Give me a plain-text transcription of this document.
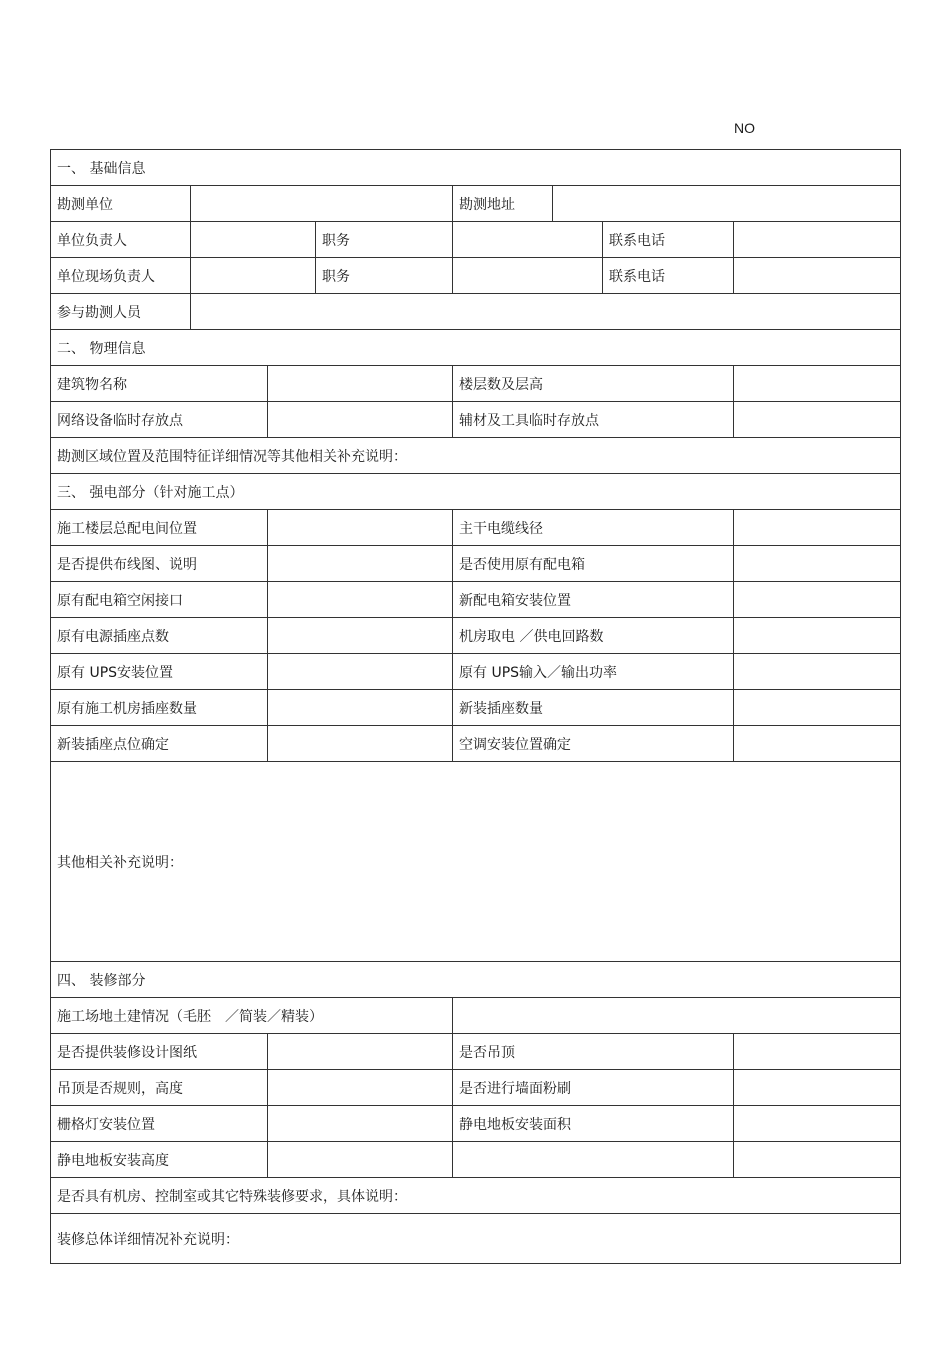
NO
一、 基础信息							
勘测单位				勘测地址			
单位负责人			职务			联系电话	
单位现场负责人			职务			联系电话	
参与勘测人员							
二、 物理信息							
建筑物名称				楼层数及层高			
网络设备临时存放点				辅材及工具临时存放点			
勘测区域位置及范围特征详细情况等其他相关补充说明：							
三、 强电部分（针对施工点）							
施工楼层总配电间位置				主干电缆线径			
是否提供布线图、说明				是否使用原有配电箱			
原有配电箱空闲接口				新配电箱安装位置			
原有电源插座点数				机房取电 ／供电回路数			
原有 UPS安装位置				原有 UPS输入／输出功率			
原有施工机房插座数量				新装插座数量			
新装插座点位确定				空调安装位置确定			
其他相关补充说明：							
四、 装修部分							
施工场地土建情况（毛胚　／简装／精装）							
是否提供装修设计图纸				是否吊顶			
吊顶是否规则，高度				是否进行墙面粉刷			
栅格灯安装位置				静电地板安装面积			
静电地板安装高度							
是否具有机房、控制室或其它特殊装修要求，具体说明：							
装修总体详细情况补充说明：							
